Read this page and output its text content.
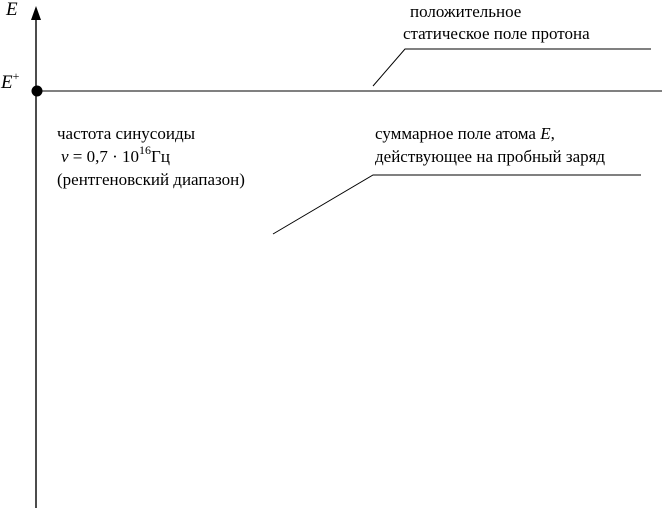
E
E+
положительное
статическое поле протона
частота синусоиды
$\nu = 0,7 \cdot 10^{16}Гц$
(рентгеновский диапазон)
суммарное поле атома E,
действующее на пробный заряд
